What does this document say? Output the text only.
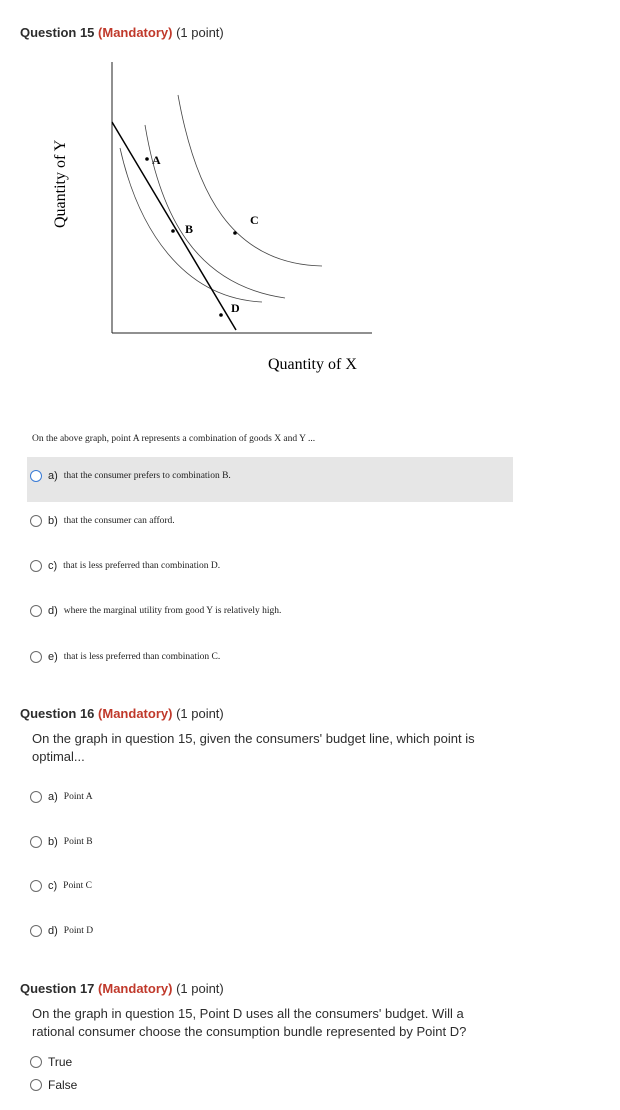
Question 15 (Mandatory) (1 point)
A
B
C
D
Quantity of Y
Quantity of X
On the above graph, point A represents a combination of goods X and Y ...
a) that the consumer prefers to combination B.
b) that the consumer can afford.
c) that is less preferred than combination D.
d) where the marginal utility from good Y is relatively high.
e) that is less preferred than combination C.
Question 16 (Mandatory) (1 point)
On the graph in question 15, given the consumers' budget line, which point is optimal...
a) Point A
b) Point B
c) Point C
d) Point D
Question 17 (Mandatory) (1 point)
On the graph in question 15, Point D uses all the consumers' budget. Will a rational consumer choose the consumption bundle represented by Point D?
True
False
